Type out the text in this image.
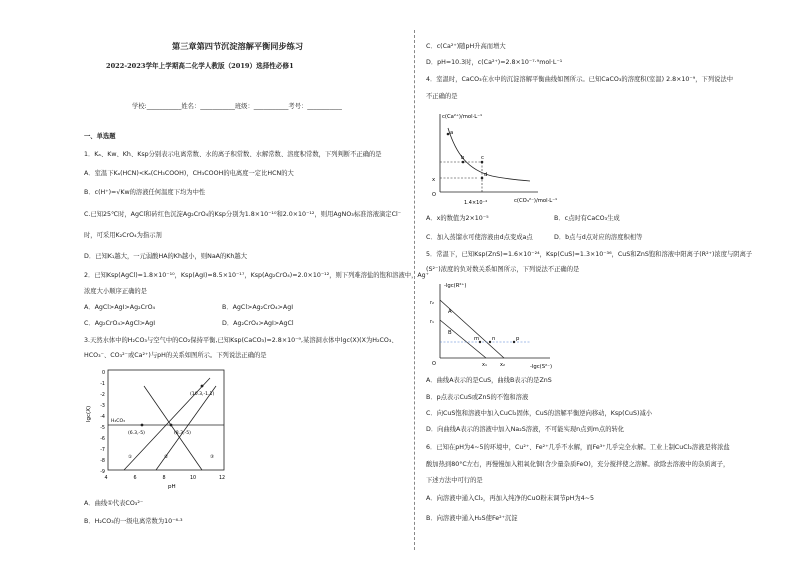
第三章第四节沉淀溶解平衡同步练习
2022-2023学年上学期高二化学人教版（2019）选择性必修1
学校:___________姓名：___________班级：___________考号：___________
一、单选题
1．Kₐ、Kw、Kh、Ksp分别表示电离常数、水的离子积常数、水解常数、溶度积常数，下列判断不正确的是
A．室温下Kₐ(HCN)<Kₐ(CH₃COOH)，CH₃COOH的电离度一定比HCN的大
B．c(H⁺)=√Kw的溶液任何温度下均为中性
C.已知25℃时，AgCl和砖红色沉淀Ag₂CrO₄的Ksp分别为1.8×10⁻¹⁰和2.0×10⁻¹²，则用AgNO₃标准溶液滴定Cl⁻
时，可采用K₂CrO₄为指示剂
D．已知K₁越大，一元弱酸HA的Kh越小，则NaA的Kh越大
2．已知Ksp(AgCl)=1.8×10⁻¹⁰，Ksp(AgI)=8.5×10⁻¹⁷，Ksp(Ag₂CrO₄)=2.0×10⁻¹²，则下列难溶盐的饱和溶液中，Ag⁺
浓度大小顺序正确的是
A．AgCl>AgI>Ag₂CrO₄	B．AgCl>Ag₂CrO₄>AgI
C．Ag₂CrO₄>AgCl>AgI	D．Ag₂CrO₄>AgI>AgCl
3.天然水体中的H₂CO₃与空气中的CO₂保持平衡,已知Ksp(CaCO₃)=2.8×10⁻⁹,某溶洞水体中lgc(X)(X为H₂CO₃、
HCO₃⁻、CO₃²⁻或Ca²⁺)与pH的关系如图所示。下列说法正确的是
lgc(X)
pH
4	6	8	10	12
0
-1
-2
-3
-4
-5
-6
-7
-8
-9
(10.3,-1.1)
H₂CO₃
(6.3,-5)	(8.3,-5)
①	②	③
A．曲线①代表CO₃²⁻
B．H₂CO₃的一级电离常数为10⁻⁶·³
C．c(Ca²⁺)随pH升高而增大
D．pH=10.3时，c(Ca²⁺)=2.8×10⁻⁷·⁹mol·L⁻¹
4．室温时，CaCO₃在水中的沉淀溶解平衡曲线如图所示。已知CaCO₃的溶度积(室温) 2.8×10⁻⁹，下列说法中
不正确的是
c(Ca²⁺)/mol·L⁻¹
c(CO₃²⁻)/mol·L⁻¹
O
x
1.4×10⁻⁴
a
b	c
d
A．x的数值为2×10⁻⁵	B．c点时有CaCO₃生成
C．加入蒸馏水可使溶液由d点变成a点	D．b点与d点对应的溶度积相等
5．常温下，已知Ksp(ZnS)=1.6×10⁻²⁴，Ksp(CuS)=1.3×10⁻³⁶，CuS和ZnS饱和溶液中阳离子(R²⁺)浓度与阴离子
(S²⁻)浓度的负对数关系如图所示，下列说法不正确的是
-lgc(R²⁺)
-lgc(S²⁻)
O
r₂
r₁
x₁	x₂
A
B
m n	p
A．曲线A表示的是CuS，曲线B表示的是ZnS
B．p点表示CuS或ZnS的不饱和溶液
C．向CuS饱和溶液中加入CuCl₂固体，CuS的溶解平衡逆向移动，Ksp(CuS)减小
D．向曲线A表示的溶液中加入Na₂S溶液，不可能实现n点到m点的转化
6．已知在pH为4~5的环境中，Cu²⁺、Fe²⁺几乎不水解，而Fe³⁺几乎完全水解。工业上制CuCl₂溶液是将浓盐
酸加热到80°C左右，再慢慢加入粗氧化铜(含少量杂质FeO)，充分搅拌使之溶解。欲除去溶液中的杂质离子，
下述方法中可行的是
A．向溶液中通入Cl₂，再加入纯净的CuO粉末调节pH为4~5
B．向溶液中通入H₂S使Fe²⁺沉淀
